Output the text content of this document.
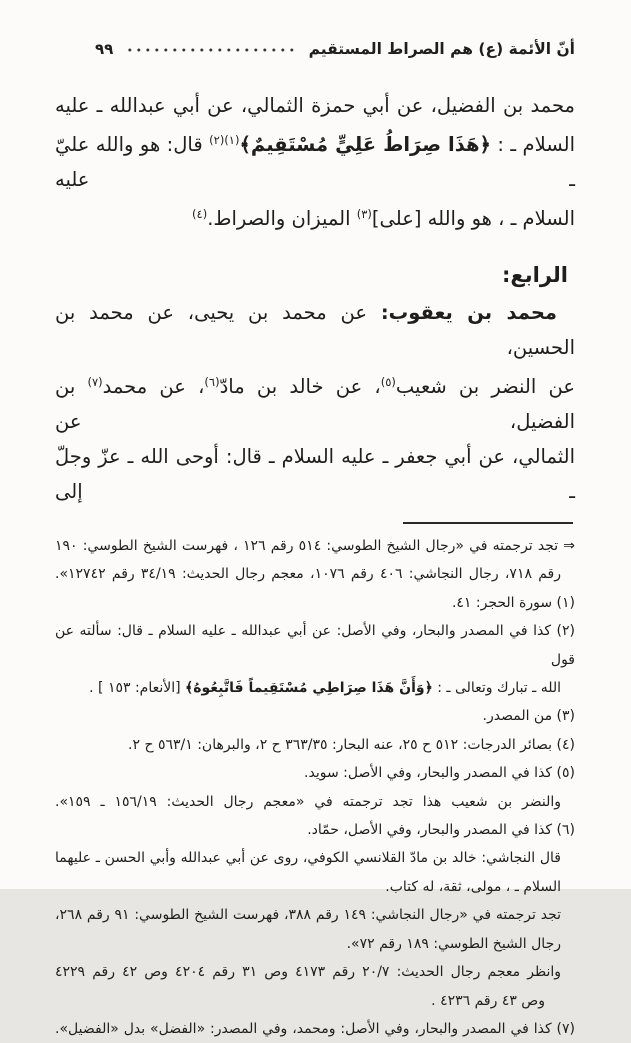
أنّ الأئمة (ع) هم الصراط المستقيم
٩٩
محمد بن الفضيل، عن أبي حمزة الثمالي، عن أبي عبدالله ـ عليه
السلام ـ : ﴿هَذَا صِرَاطُ عَلِيٍّ مُسْتَقِيمٌ﴾$^{(١)(٢)}$ قال: هو والله عليّ ـ عليه
السلام ـ ، هو والله [على]$^{(٣)}$ الميزان والصراط.$^{(٤)}$
الرابع:
محمد بن يعقوب: عن محمد بن يحيى، عن محمد بن الحسين،
عن النضر بن شعيب$^{(٥)}$، عن خالد بن مادّ$^{(٦)}$، عن محمد$^{(٧)}$ بن الفضيل، عن
الثمالي، عن أبي جعفر ـ عليه السلام ـ قال: أوحى الله ـ عزّ وجلّ ـ إلى
⇒ تجد ترجمته في «رجال الشيخ الطوسي: ٥١٤ رقم ١٢٦ ، فهرست الشيخ الطوسي: ١٩٠
رقم ٧١٨، رجال النجاشي: ٤٠٦ رقم ١٠٧٦، معجم رجال الحديث: ٣٤/١٩ رقم ١٢٧٤٢».
(١) سورة الحجر: ٤١.
(٢) كذا في المصدر والبحار، وفي الأصل: عن أبي عبدالله ـ عليه السلام ـ قال: سألته عن قول
الله ـ تبارك وتعالى ـ : ﴿وَأَنَّ هَذَا صِرَاطِي مُسْتَقِيماً فَاتَّبِعُوهُ﴾ [الأنعام: ١٥٣ ] .
(٣) من المصدر.
(٤) بصائر الدرجات: ٥١٢ ح ٢٥، عنه البحار: ٣٦٣/٣٥ ح ٢، والبرهان: ٥٦٣/١ ح ٢.
(٥) كذا في المصدر والبحار، وفي الأصل: سويد.
والنضر بن شعيب هذا تجد ترجمته في «معجم رجال الحديث: ١٥٦/١٩ ـ ١٥٩».
(٦) كذا في المصدر والبحار، وفي الأصل، حمّاد.
قال النجاشي: خالد بن مادّ القلانسي الكوفي، روى عن أبي عبدالله وأبي الحسن ـ عليهما
السلام ـ ، مولى، ثقة، له كتاب.
تجد ترجمته في «رجال النجاشي: ١٤٩ رقم ٣٨٨، فهرست الشيخ الطوسي: ٩١ رقم ٢٦٨،
رجال الشيخ الطوسي: ١٨٩ رقم ٧٢».
وانظر معجم رجال الحديث: ٢٠/٧ رقم ٤١٧٣ وص ٣١ رقم ٤٢٠٤ وص ٤٢ رقم ٤٢٢٩
وص ٤٣ رقم ٤٢٣٦ .
(٧) كذا في المصدر والبحار، وفي الأصل: ومحمد، وفي المصدر: «الفضل» بدل «الفضيل».
